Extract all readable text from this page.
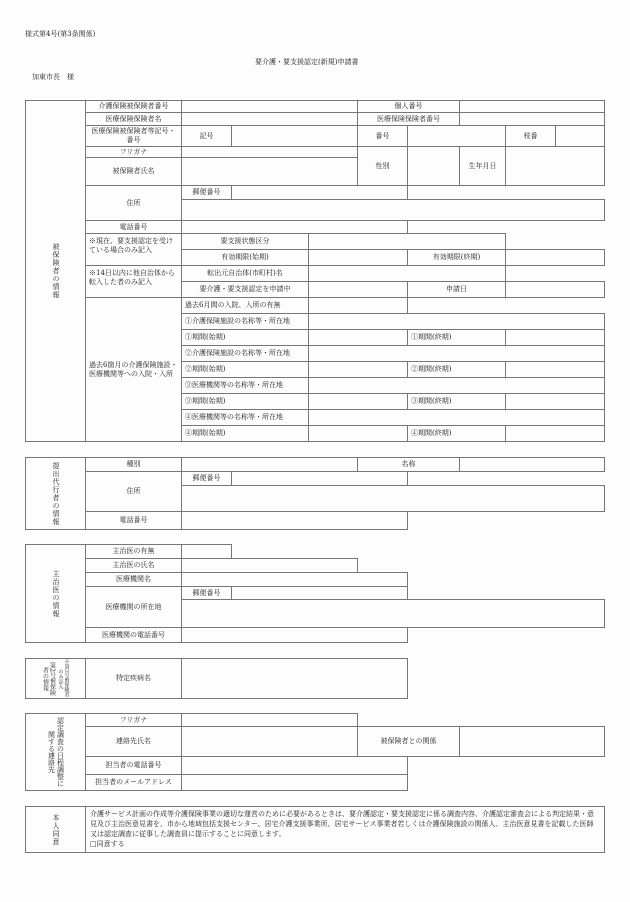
様式第4号(第3条関係)
要介護・要支援認定(新規)申請書
加東市長　様
被保険者の情報
介護保険被保険者番号	個人番号
医療保険保険者名	医療保険保険者番号
医療保険被保険者等記号・番号
記号	番号	枝番
フリガナ
被保険者氏名
性別	生年月日
住所
郵便番号
電話番号
※現在、要支援認定を受けている場合のみ記入
要支援状態区分
有効期限(始期)	有効期限(終期)
※14日以内に他自治体から転入した者のみ記入
転出元自治体(市町村)名
要介護・要支援認定を申請中	申請日
過去6箇月の介護保険施設・医療機関等への入院・入所
過去6月間の入院、入所の有無
①介護保険施設の名称等・所在地
①期間(始期)	①期間(終期)
②介護保険施設の名称等・所在地
②期間(始期)	②期間(終期)
③医療機関等の名称等・所在地
③期間(始期)	③期間(終期)
④医療機関等の名称等・所在地
④期間(始期)	④期間(終期)
提出代行者の情報	種別	名称
住所
郵便番号
電話番号
主治医の情報
主治医の有無
主治医の氏名
医療機関名
医療機関の所在地
郵便番号
医療機関の電話番号
第2号被保険者の情報	※第2号被保険者のみ記入	特定疾病名
認定調査の日程調整に関する連絡先
フリガナ
連絡先氏名	被保険者との関係
担当者の電話番号
担当者のメールアドレス
本人同意	介護サービス計画の作成等介護保険事業の適切な運営のために必要があるときは、要介護認定・要支援認定に係る調査内容、介護認定審査会による判定結果・意見及び主治医意見書を、市から地域包括支援センター、居宅介護支援事業所、居宅サービス事業者若しくは介護保険施設の関係人、主治医意見書を記載した医師又は認定調査に従事した調査員に提示することに同意します。
□同意する
